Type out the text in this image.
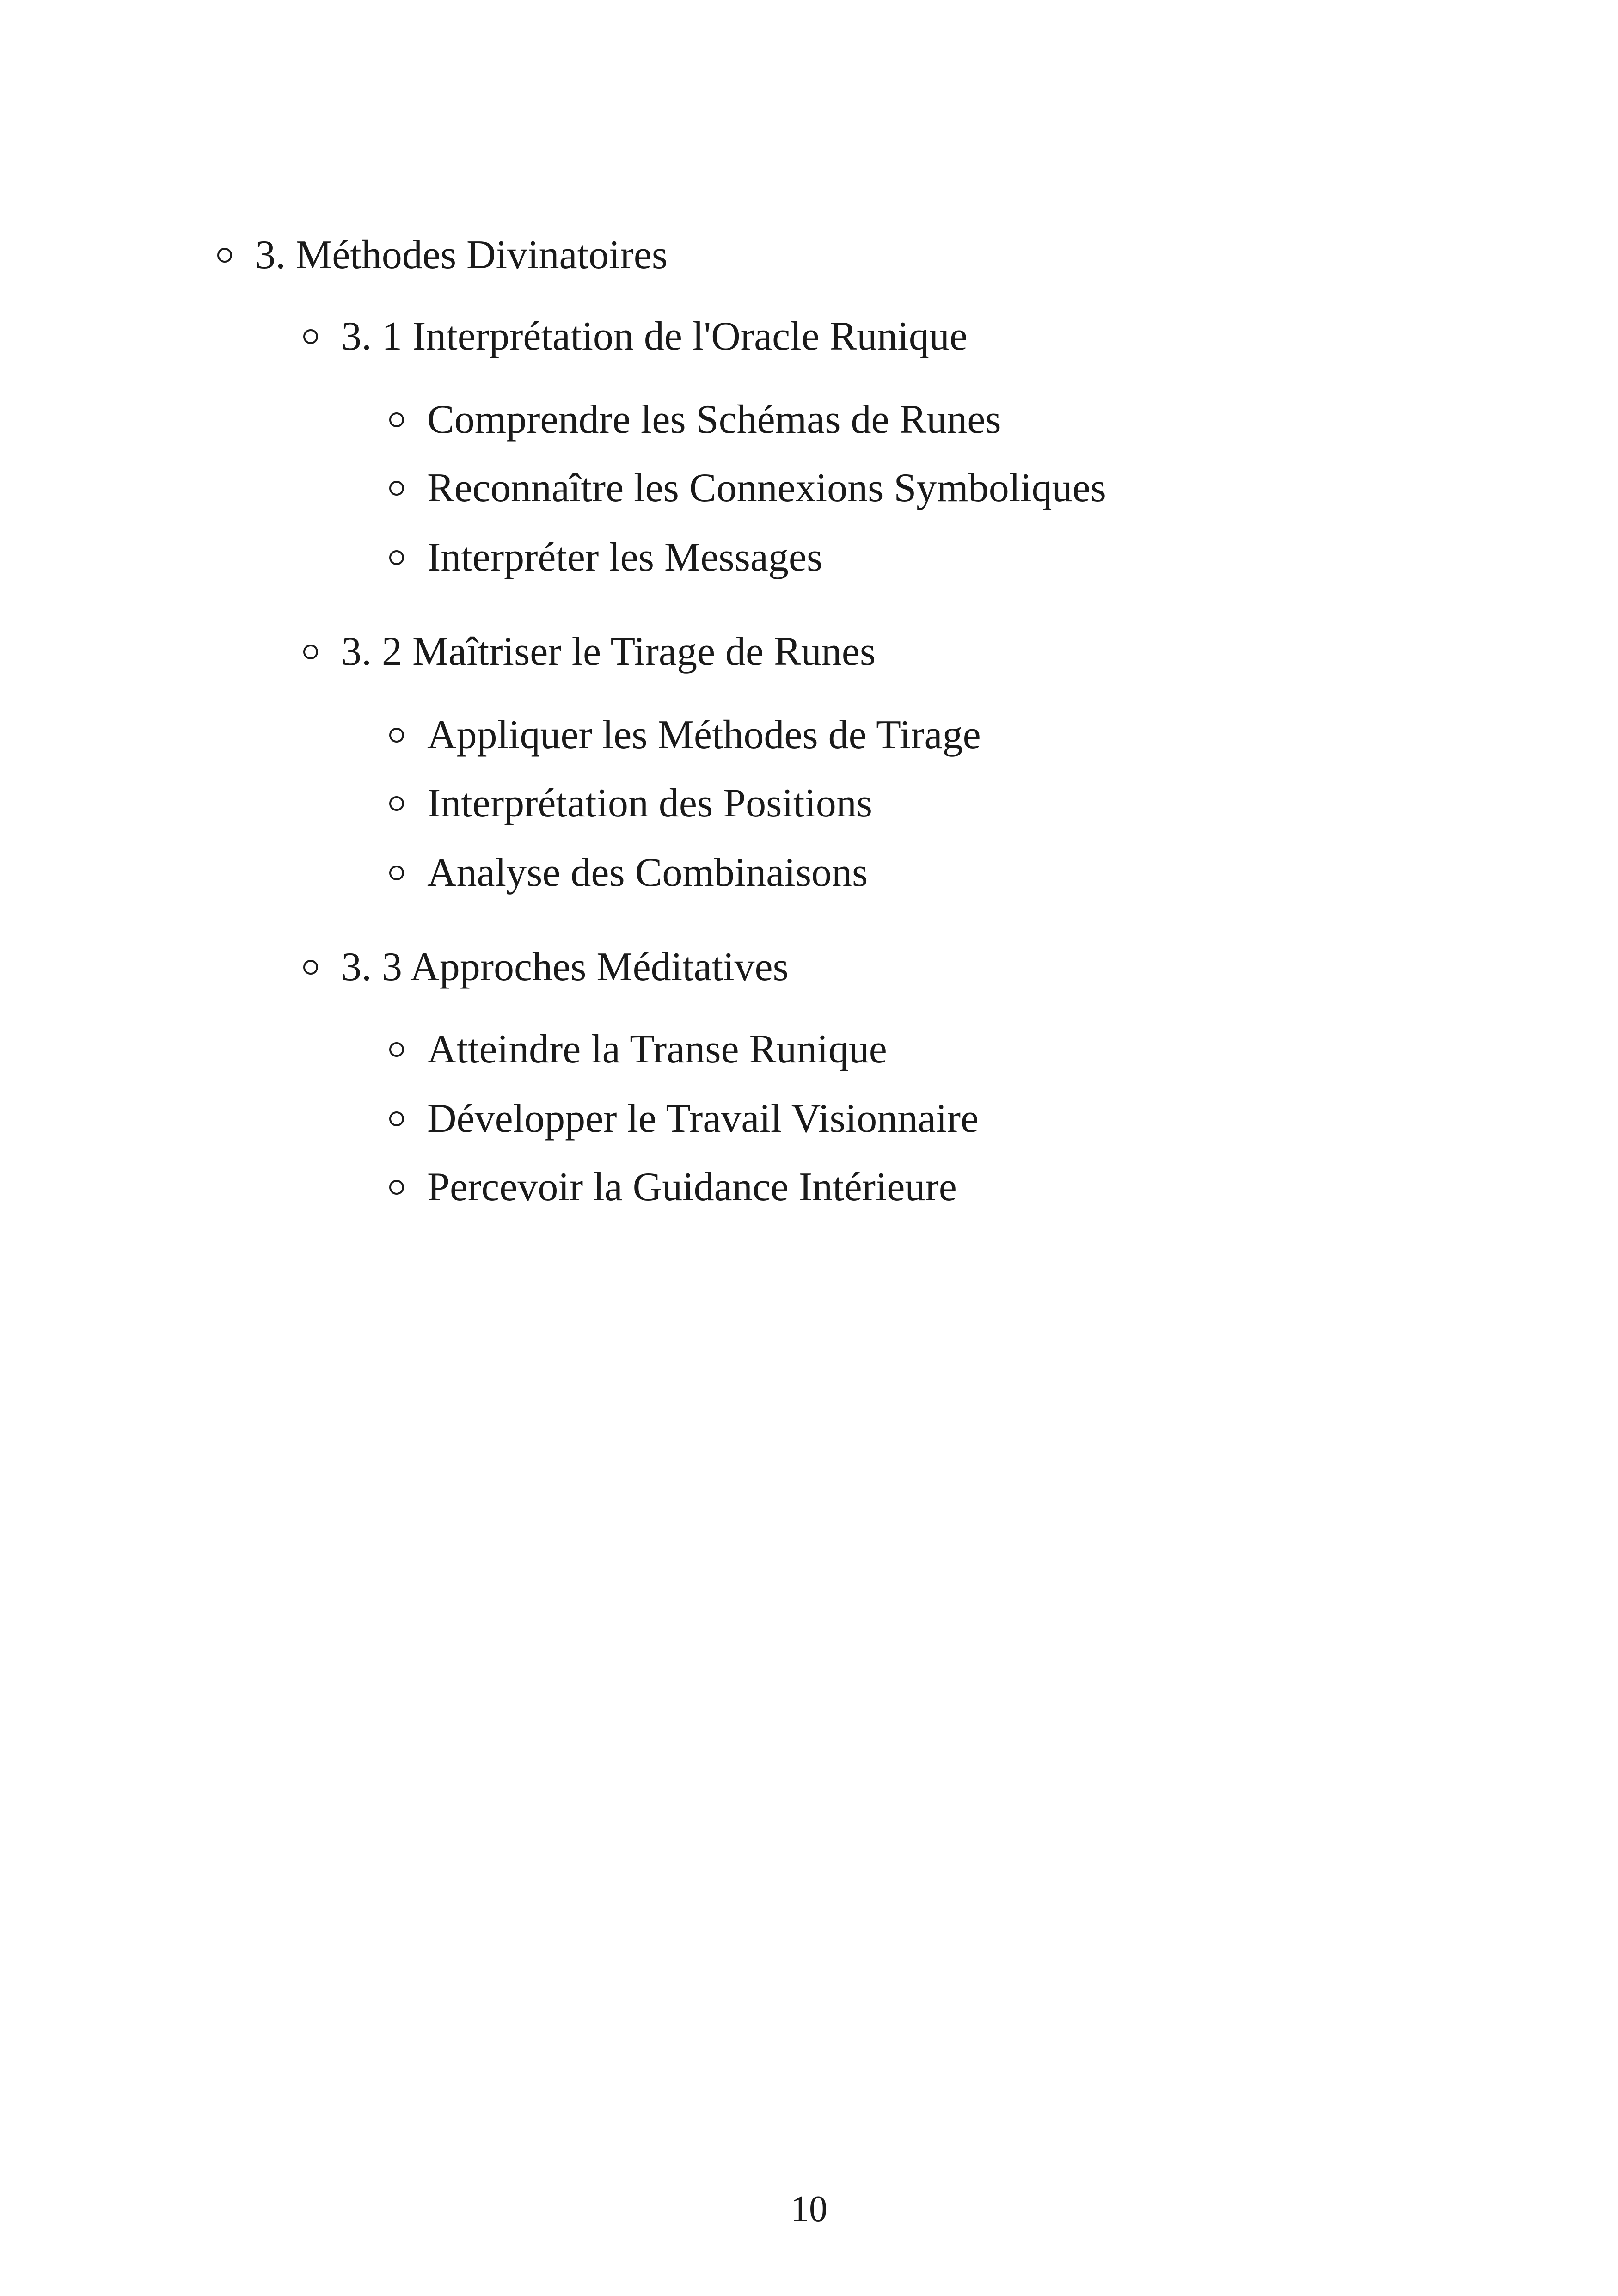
3. Méthodes Divinatoires
3. 1 Interprétation de l'Oracle Runique
Comprendre les Schémas de Runes
Reconnaître les Connexions Symboliques
Interpréter les Messages
3. 2 Maîtriser le Tirage de Runes
Appliquer les Méthodes de Tirage
Interprétation des Positions
Analyse des Combinaisons
3. 3 Approches Méditatives
Atteindre la Transe Runique
Développer le Travail Visionnaire
Percevoir la Guidance Intérieure
10
